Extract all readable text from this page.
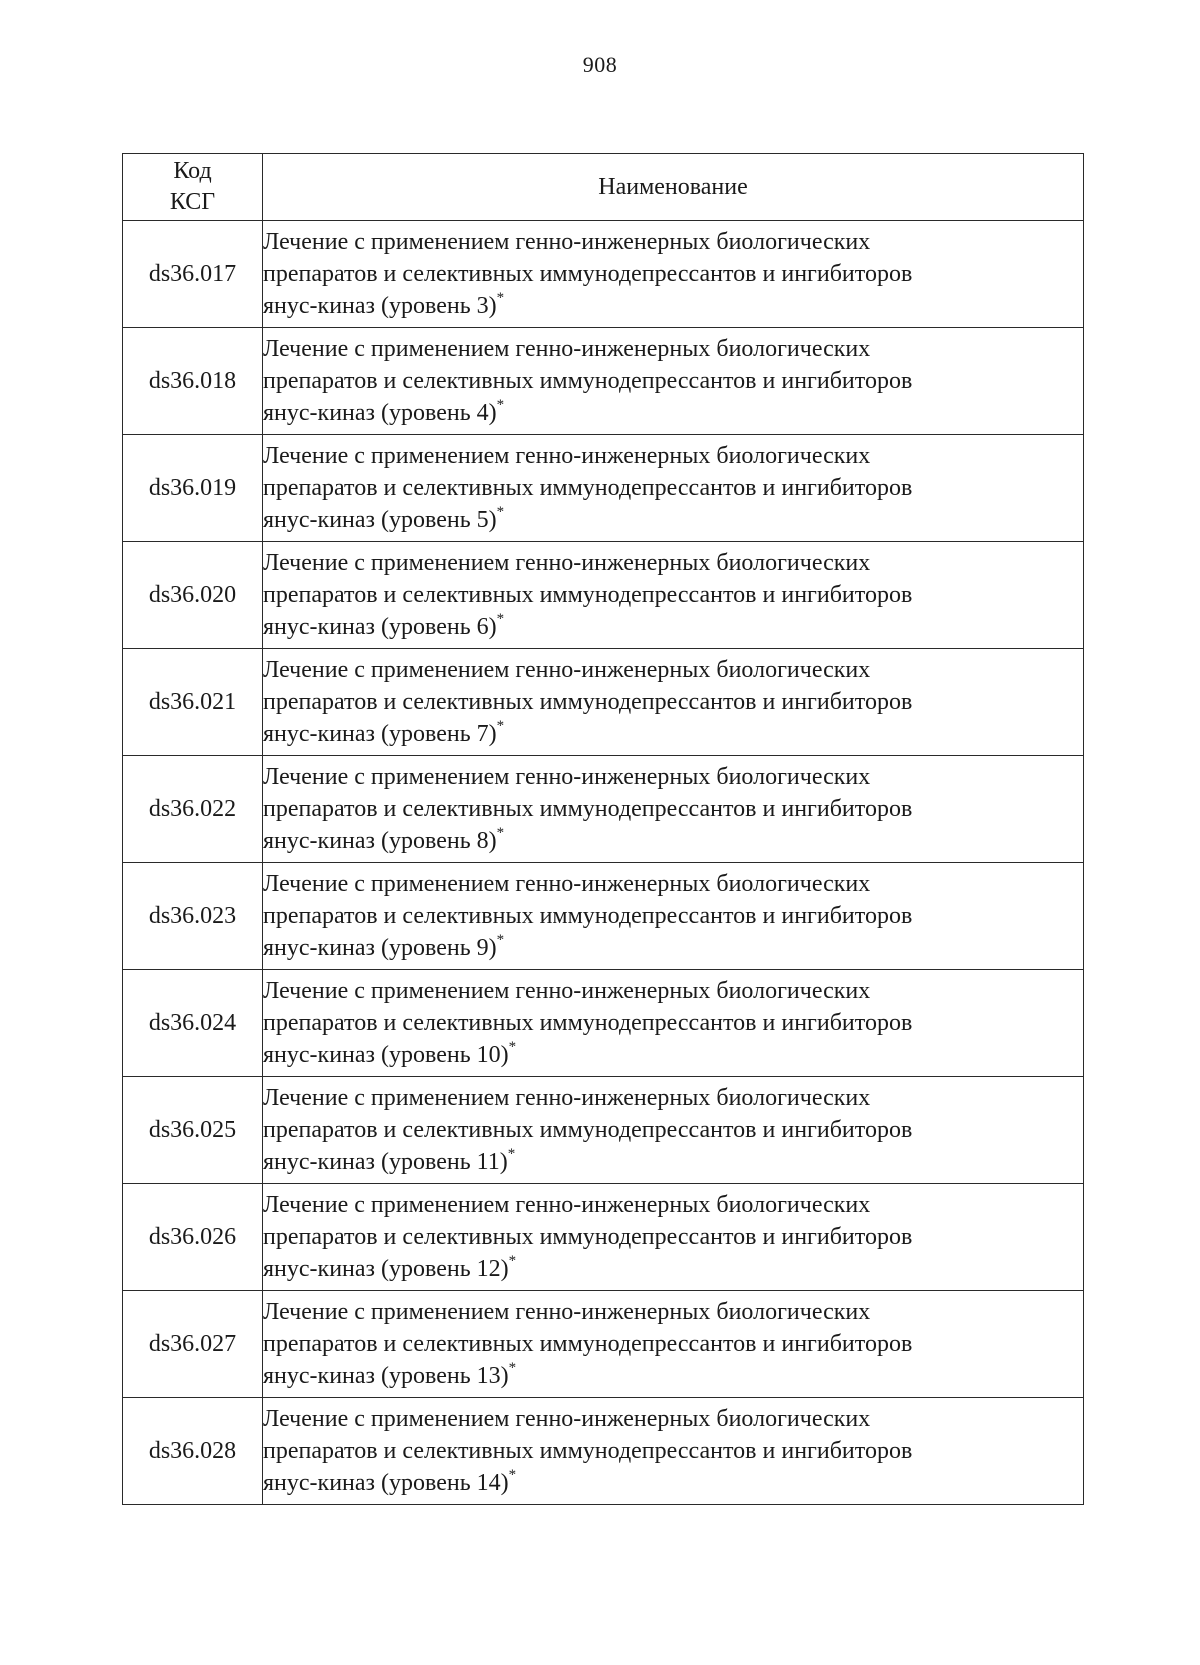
908
Код
КСГ	Наименование
ds36.017	Лечение с применением генно-инженерных биологических
препаратов и селективных иммунодепрессантов и ингибиторов
янус-киназ (уровень 3)*

ds36.018	Лечение с применением генно-инженерных биологических
препаратов и селективных иммунодепрессантов и ингибиторов
янус-киназ (уровень 4)*

ds36.019	Лечение с применением генно-инженерных биологических
препаратов и селективных иммунодепрессантов и ингибиторов
янус-киназ (уровень 5)*

ds36.020	Лечение с применением генно-инженерных биологических
препаратов и селективных иммунодепрессантов и ингибиторов
янус-киназ (уровень 6)*

ds36.021	Лечение с применением генно-инженерных биологических
препаратов и селективных иммунодепрессантов и ингибиторов
янус-киназ (уровень 7)*

ds36.022	Лечение с применением генно-инженерных биологических
препаратов и селективных иммунодепрессантов и ингибиторов
янус-киназ (уровень 8)*

ds36.023	Лечение с применением генно-инженерных биологических
препаратов и селективных иммунодепрессантов и ингибиторов
янус-киназ (уровень 9)*

ds36.024	Лечение с применением генно-инженерных биологических
препаратов и селективных иммунодепрессантов и ингибиторов
янус-киназ (уровень 10)*

ds36.025	Лечение с применением генно-инженерных биологических
препаратов и селективных иммунодепрессантов и ингибиторов
янус-киназ (уровень 11)*

ds36.026	Лечение с применением генно-инженерных биологических
препаратов и селективных иммунодепрессантов и ингибиторов
янус-киназ (уровень 12)*

ds36.027	Лечение с применением генно-инженерных биологических
препаратов и селективных иммунодепрессантов и ингибиторов
янус-киназ (уровень 13)*

ds36.028	Лечение с применением генно-инженерных биологических
препаратов и селективных иммунодепрессантов и ингибиторов
янус-киназ (уровень 14)*
